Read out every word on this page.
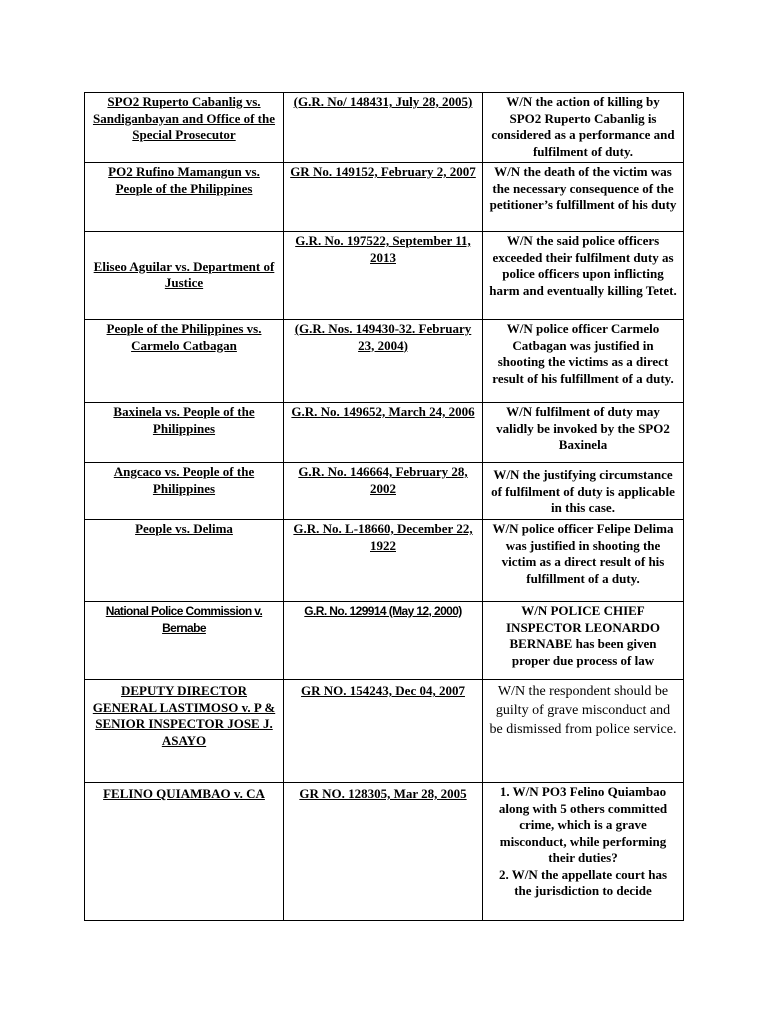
SPO2 Ruperto Cabanlig vs. Sandiganbayan and Office of the Special Prosecutor	(G.R. No/ 148431, July 28, 2005)	W/N the action of killing by SPO2 Ruperto Cabanlig is considered as a performance and fulfilment of duty.
PO2 Rufino Mamangun vs. People of the Philippines	GR No. 149152, February 2, 2007	W/N the death of the victim was the necessary consequence of the petitioner’s fulfillment of his duty
Eliseo Aguilar vs. Department of Justice	G.R. No. 197522, September 11, 2013	W/N the said police officers exceeded their fulfilment duty as police officers upon inflicting harm and eventually killing Tetet.
People of the Philippines vs. Carmelo Catbagan	(G.R. Nos. 149430-32. February 23, 2004)	W/N police officer Carmelo Catbagan was justified in shooting the victims as a direct result of his fulfillment of a duty.
Baxinela vs. People of the Philippines	G.R. No. 149652, March 24, 2006	W/N fulfilment of duty may validly be invoked by the SPO2 Baxinela
Angcaco vs. People of the Philippines	G.R. No. 146664, February 28, 2002	W/N the justifying circumstance of fulfilment of duty is applicable in this case.
People vs. Delima	G.R. No. L-18660, December 22, 1922	W/N police officer Felipe Delima was justified in shooting the victim as a direct result of his fulfillment of a duty.
National Police Commission v. Bernabe	G.R. No. 129914 (May 12, 2000)	W/N POLICE CHIEF INSPECTOR LEONARDO BERNABE has been given proper due process of law
DEPUTY DIRECTOR GENERAL LASTIMOSO v. P & SENIOR INSPECTOR JOSE J. ASAYO	GR NO. 154243, Dec 04, 2007	W/N the respondent should be guilty of grave misconduct and be dismissed from police service.
FELINO QUIAMBAO v. CA	GR NO. 128305, Mar 28, 2005	1. W/N PO3 Felino Quiambao along with 5 others committed crime, which is a grave misconduct, while performing their duties?
2. W/N the appellate court has the jurisdiction to decide
